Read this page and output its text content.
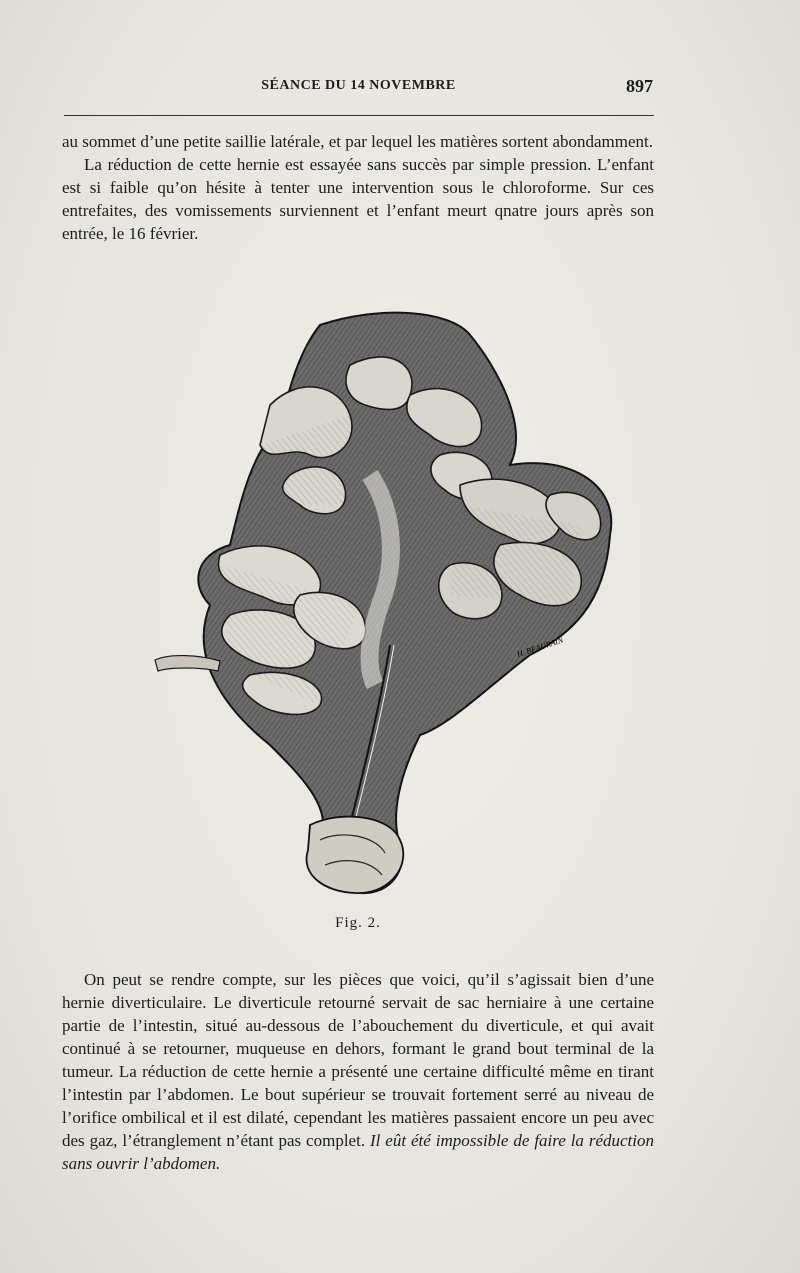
SÉANCE DU 14 NOVEMBRE	897

au sommet d’une petite saillie latérale, et par lequel les matières sortent abondamment.

La réduction de cette hernie est essayée sans succès par simple pression. L’enfant est si faible qu’on hésite à tenter une intervention sous le chloroforme. Sur ces entrefaites, des vomissements surviennent et l’enfant meurt qnatre jours après son entrée, le 16 février.

H. BEAURAIN
Fig. 2.

On peut se rendre compte, sur les pièces que voici, qu’il s’agissait bien d’une hernie diverticulaire. Le diverticule retourné servait de sac herniaire à une certaine partie de l’intestin, situé au-dessous de l’abouchement du diverticule, et qui avait continué à se retourner, muqueuse en dehors, formant le grand bout terminal de la tumeur. La réduction de cette hernie a présenté une certaine difficulté même en tirant l’intestin par l’abdomen. Le bout supérieur se trouvait fortement serré au niveau de l’orifice ombilical et il est dilaté, cependant les matières passaient encore un peu avec des gaz, l’étranglement n’étant pas complet. Il eût été impossible de faire la réduction sans ouvrir l’abdomen.
